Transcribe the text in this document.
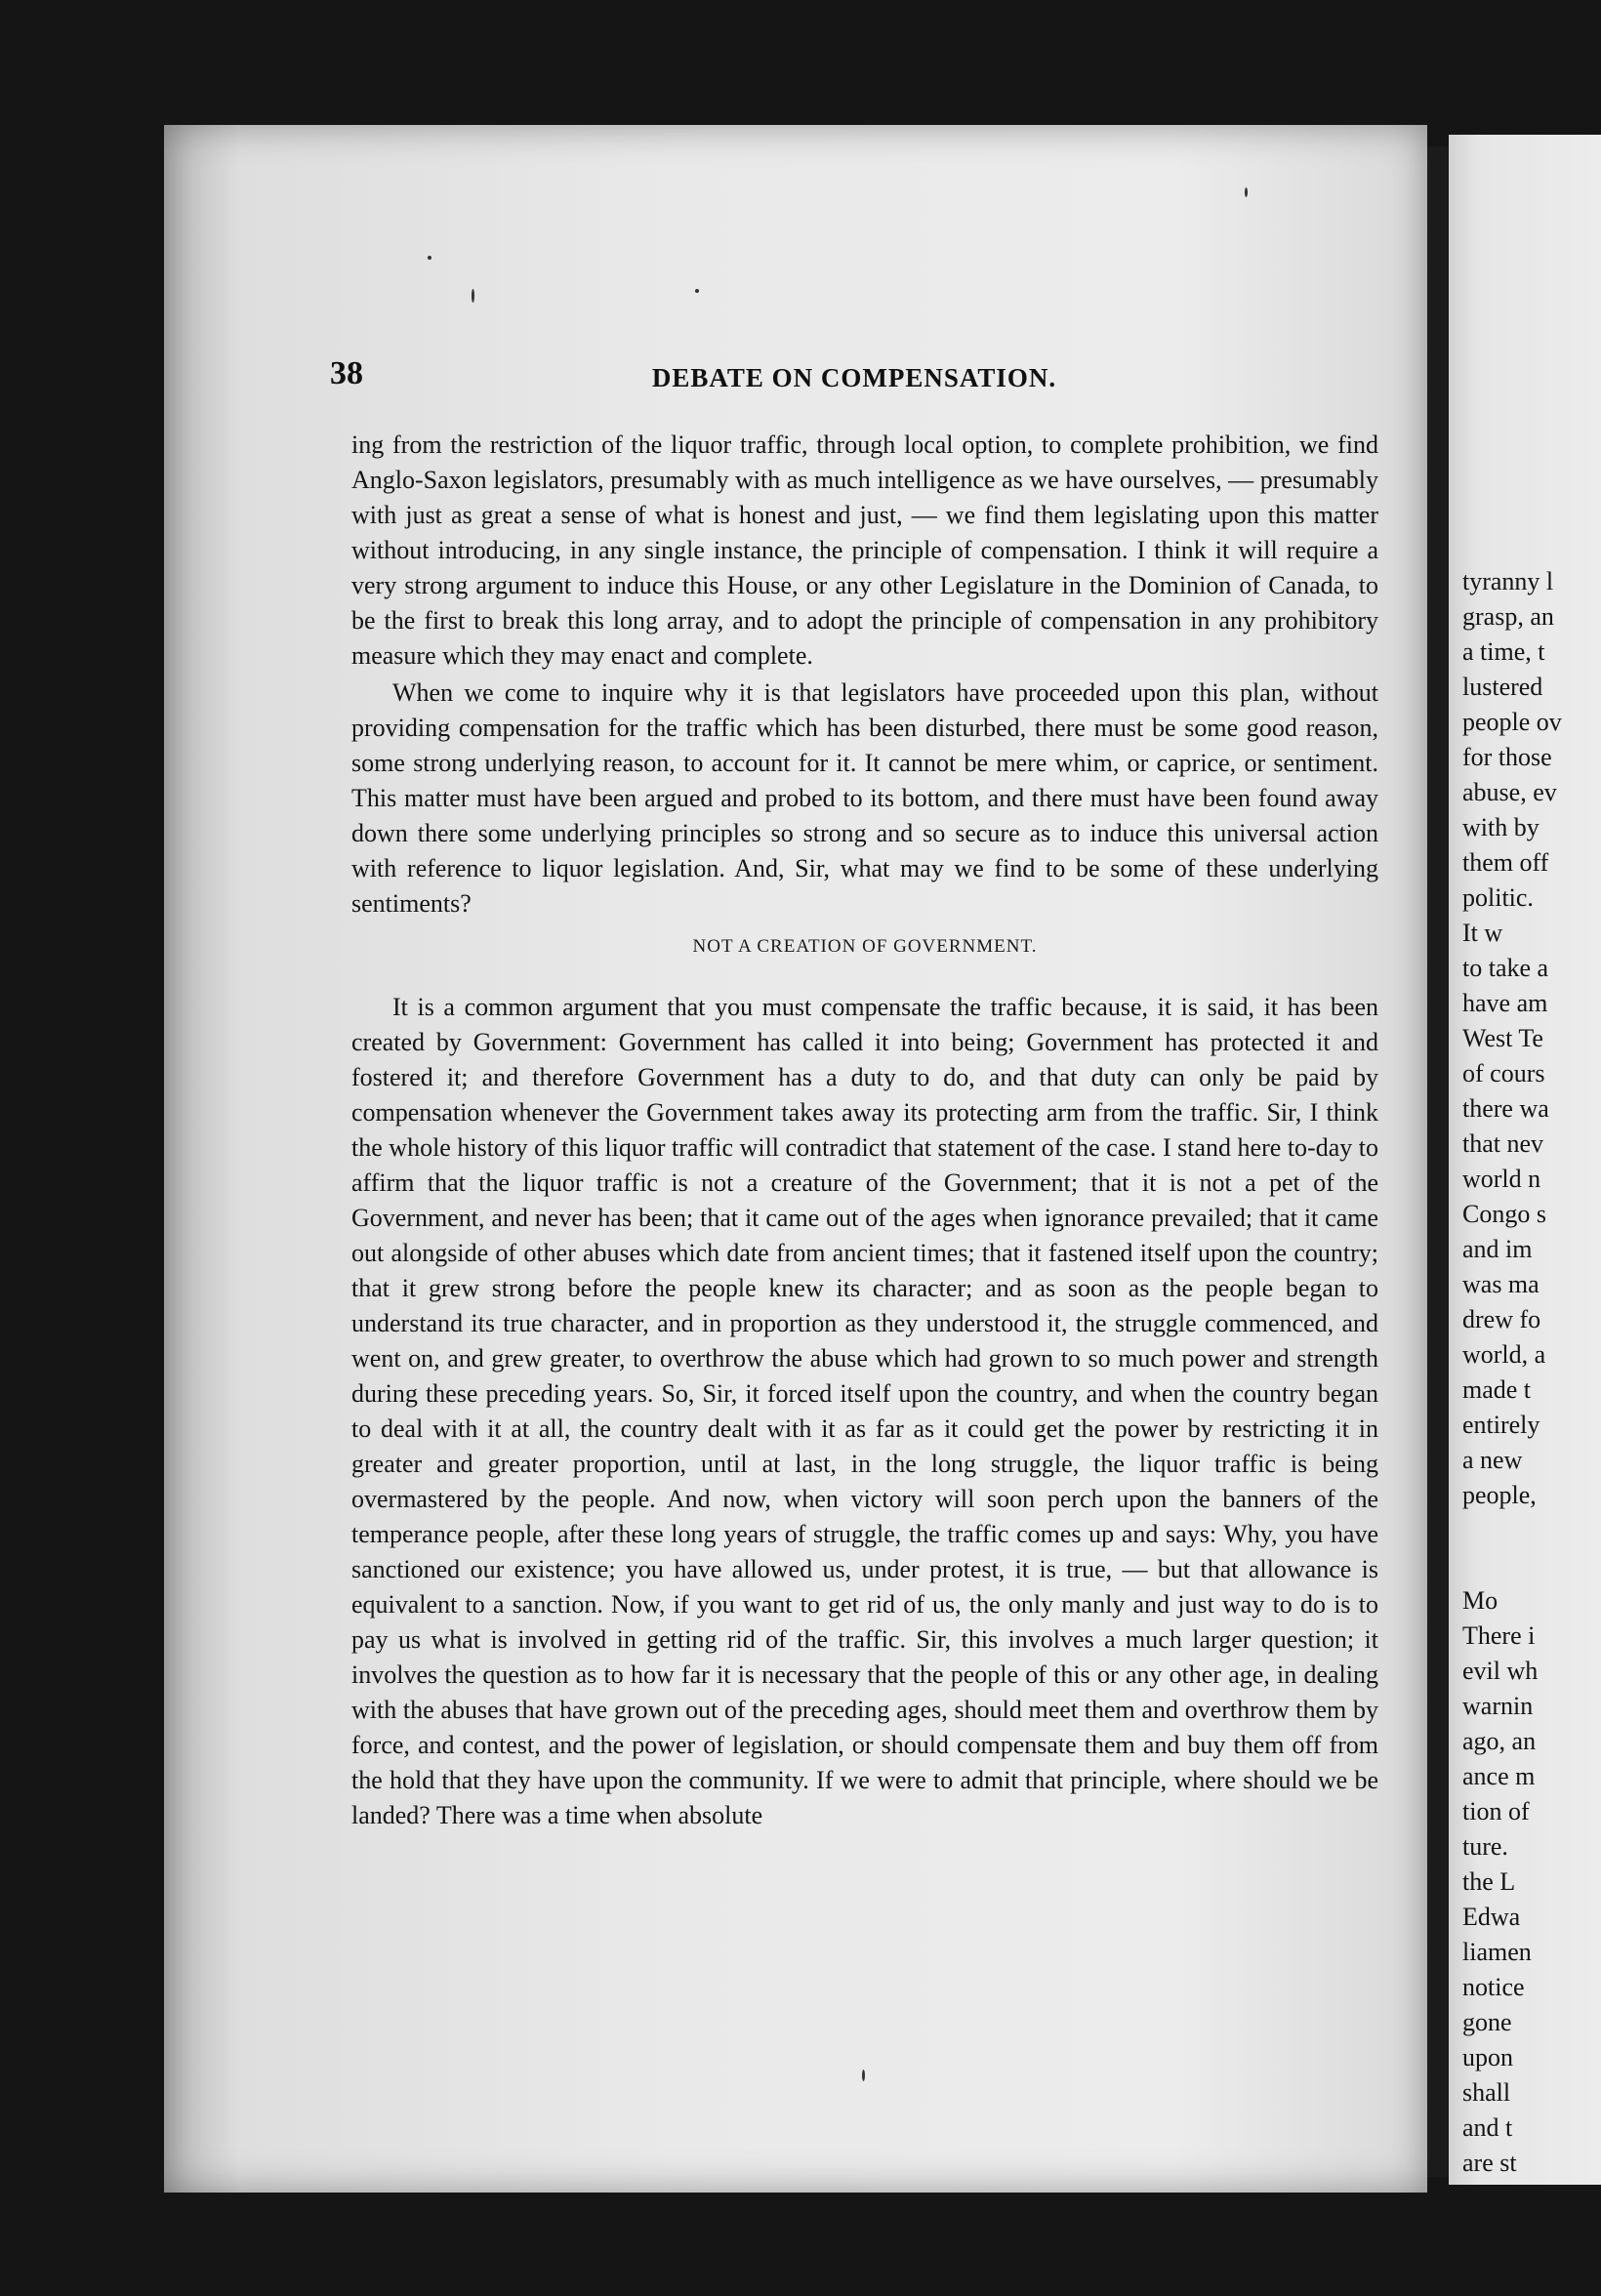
tyranny l
grasp, an
a time, t
lustered
people ov
for those
abuse, ev
with by
them off
politic.
It w
to take a
have am
West Te
of cours
there wa
that nev
world n
Congo s
and im
was ma
drew fo
world, a
made t
entirely
a new
people,

Mo
There i
evil wh
warnin
ago, an
ance m
tion of
ture.
the L
Edwa
liamen
notice
gone
upon
shall
and t
are st
38	DEBATE ON COMPENSATION.

ing from the restriction of the liquor traffic, through local option, to complete prohibition, we find Anglo-Saxon legislators, presumably with as much intelligence as we have ourselves, — presumably with just as great a sense of what is honest and just, — we find them legislating upon this matter without introducing, in any single instance, the principle of compensation. I think it will require a very strong argument to induce this House, or any other Legislature in the Dominion of Canada, to be the first to break this long array, and to adopt the principle of compensation in any prohibitory measure which they may enact and complete.

When we come to inquire why it is that legislators have proceeded upon this plan, without providing compensation for the traffic which has been disturbed, there must be some good reason, some strong underlying reason, to account for it. It cannot be mere whim, or caprice, or sentiment. This matter must have been argued and probed to its bottom, and there must have been found away down there some underlying principles so strong and so secure as to induce this universal action with reference to liquor legislation. And, Sir, what may we find to be some of these underlying sentiments?

NOT A CREATION OF GOVERNMENT.

It is a common argument that you must compensate the traffic because, it is said, it has been created by Government: Government has called it into being; Government has protected it and fostered it; and therefore Government has a duty to do, and that duty can only be paid by compensation whenever the Government takes away its protecting arm from the traffic. Sir, I think the whole history of this liquor traffic will contradict that statement of the case. I stand here to-day to affirm that the liquor traffic is not a creature of the Government; that it is not a pet of the Government, and never has been; that it came out of the ages when ignorance prevailed; that it came out alongside of other abuses which date from ancient times; that it fastened itself upon the country; that it grew strong before the people knew its character; and as soon as the people began to understand its true character, and in proportion as they understood it, the struggle commenced, and went on, and grew greater, to overthrow the abuse which had grown to so much power and strength during these preceding years. So, Sir, it forced itself upon the country, and when the country began to deal with it at all, the country dealt with it as far as it could get the power by restricting it in greater and greater proportion, until at last, in the long struggle, the liquor traffic is being overmastered by the people. And now, when victory will soon perch upon the banners of the temperance people, after these long years of struggle, the traffic comes up and says: Why, you have sanctioned our existence; you have allowed us, under protest, it is true, — but that allowance is equivalent to a sanction. Now, if you want to get rid of us, the only manly and just way to do is to pay us what is involved in getting rid of the traffic. Sir, this involves a much larger question; it involves the question as to how far it is necessary that the people of this or any other age, in dealing with the abuses that have grown out of the preceding ages, should meet them and overthrow them by force, and contest, and the power of legislation, or should compensate them and buy them off from the hold that they have upon the community. If we were to admit that principle, where should we be landed? There was a time when absolute
